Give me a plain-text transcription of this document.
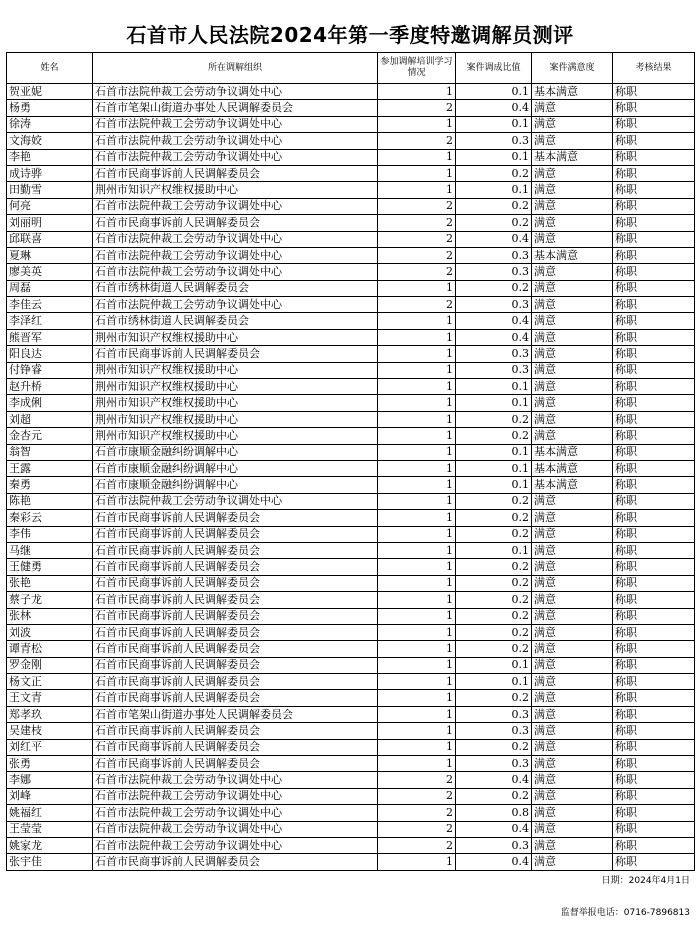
石首市人民法院2024年第一季度特邀调解员测评
姓名	所在调解组织	参加调解培训学习情况	案件调成比值	案件满意度	考核结果
贺亚妮	石首市法院仲裁工会劳动争议调处中心	1	0.1	基本满意	称职
杨勇	石首市笔架山街道办事处人民调解委员会	2	0.4	满意	称职
徐涛	石首市法院仲裁工会劳动争议调处中心	1	0.1	满意	称职
文海姣	石首市法院仲裁工会劳动争议调处中心	2	0.3	满意	称职
李艳	石首市法院仲裁工会劳动争议调处中心	1	0.1	基本满意	称职
成诗骅	石首市民商事诉前人民调解委员会	1	0.2	满意	称职
田勤雪	荆州市知识产权维权援助中心	1	0.1	满意	称职
何亮	石首市法院仲裁工会劳动争议调处中心	2	0.2	满意	称职
刘丽明	石首市民商事诉前人民调解委员会	2	0.2	满意	称职
邱联喜	石首市法院仲裁工会劳动争议调处中心	2	0.4	满意	称职
夏琳	石首市法院仲裁工会劳动争议调处中心	2	0.3	基本满意	称职
廖美英	石首市法院仲裁工会劳动争议调处中心	2	0.3	满意	称职
周磊	石首市绣林街道人民调解委员会	1	0.2	满意	称职
李佳云	石首市法院仲裁工会劳动争议调处中心	2	0.3	满意	称职
李泽红	石首市绣林街道人民调解委员会	1	0.4	满意	称职
熊晋军	荆州市知识产权维权援助中心	1	0.4	满意	称职
阳良达	石首市民商事诉前人民调解委员会	1	0.3	满意	称职
付铮睿	荆州市知识产权维权援助中心	1	0.3	满意	称职
赵升桥	荆州市知识产权维权援助中心	1	0.1	满意	称职
李成俐	荆州市知识产权维权援助中心	1	0.1	满意	称职
刘超	荆州市知识产权维权援助中心	1	0.2	满意	称职
金杏元	荆州市知识产权维权援助中心	1	0.2	满意	称职
翁智	石首市康顺金融纠纷调解中心	1	0.1	基本满意	称职
王露	石首市康顺金融纠纷调解中心	1	0.1	基本满意	称职
秦勇	石首市康顺金融纠纷调解中心	1	0.1	基本满意	称职
陈艳	石首市法院仲裁工会劳动争议调处中心	1	0.2	满意	称职
秦彩云	石首市民商事诉前人民调解委员会	1	0.2	满意	称职
李伟	石首市民商事诉前人民调解委员会	1	0.2	满意	称职
马继	石首市民商事诉前人民调解委员会	1	0.1	满意	称职
王健勇	石首市民商事诉前人民调解委员会	1	0.2	满意	称职
张艳	石首市民商事诉前人民调解委员会	1	0.2	满意	称职
蔡子龙	石首市民商事诉前人民调解委员会	1	0.2	满意	称职
张林	石首市民商事诉前人民调解委员会	1	0.2	满意	称职
刘波	石首市民商事诉前人民调解委员会	1	0.2	满意	称职
谭青松	石首市民商事诉前人民调解委员会	1	0.2	满意	称职
罗金刚	石首市民商事诉前人民调解委员会	1	0.1	满意	称职
杨文正	石首市民商事诉前人民调解委员会	1	0.1	满意	称职
王文青	石首市民商事诉前人民调解委员会	1	0.2	满意	称职
郑孝玖	石首市笔架山街道办事处人民调解委员会	1	0.3	满意	称职
吴建枝	石首市民商事诉前人民调解委员会	1	0.3	满意	称职
刘红平	石首市民商事诉前人民调解委员会	1	0.2	满意	称职
张勇	石首市民商事诉前人民调解委员会	1	0.3	满意	称职
李娜	石首市法院仲裁工会劳动争议调处中心	2	0.4	满意	称职
刘峰	石首市法院仲裁工会劳动争议调处中心	2	0.2	满意	称职
姚福红	石首市法院仲裁工会劳动争议调处中心	2	0.8	满意	称职
王莹莹	石首市法院仲裁工会劳动争议调处中心	2	0.4	满意	称职
姚家龙	石首市法院仲裁工会劳动争议调处中心	2	0.3	满意	称职
张宇佳	石首市民商事诉前人民调解委员会	1	0.4	满意	称职
日期：2024年4月1日
监督举报电话：0716-7896813
